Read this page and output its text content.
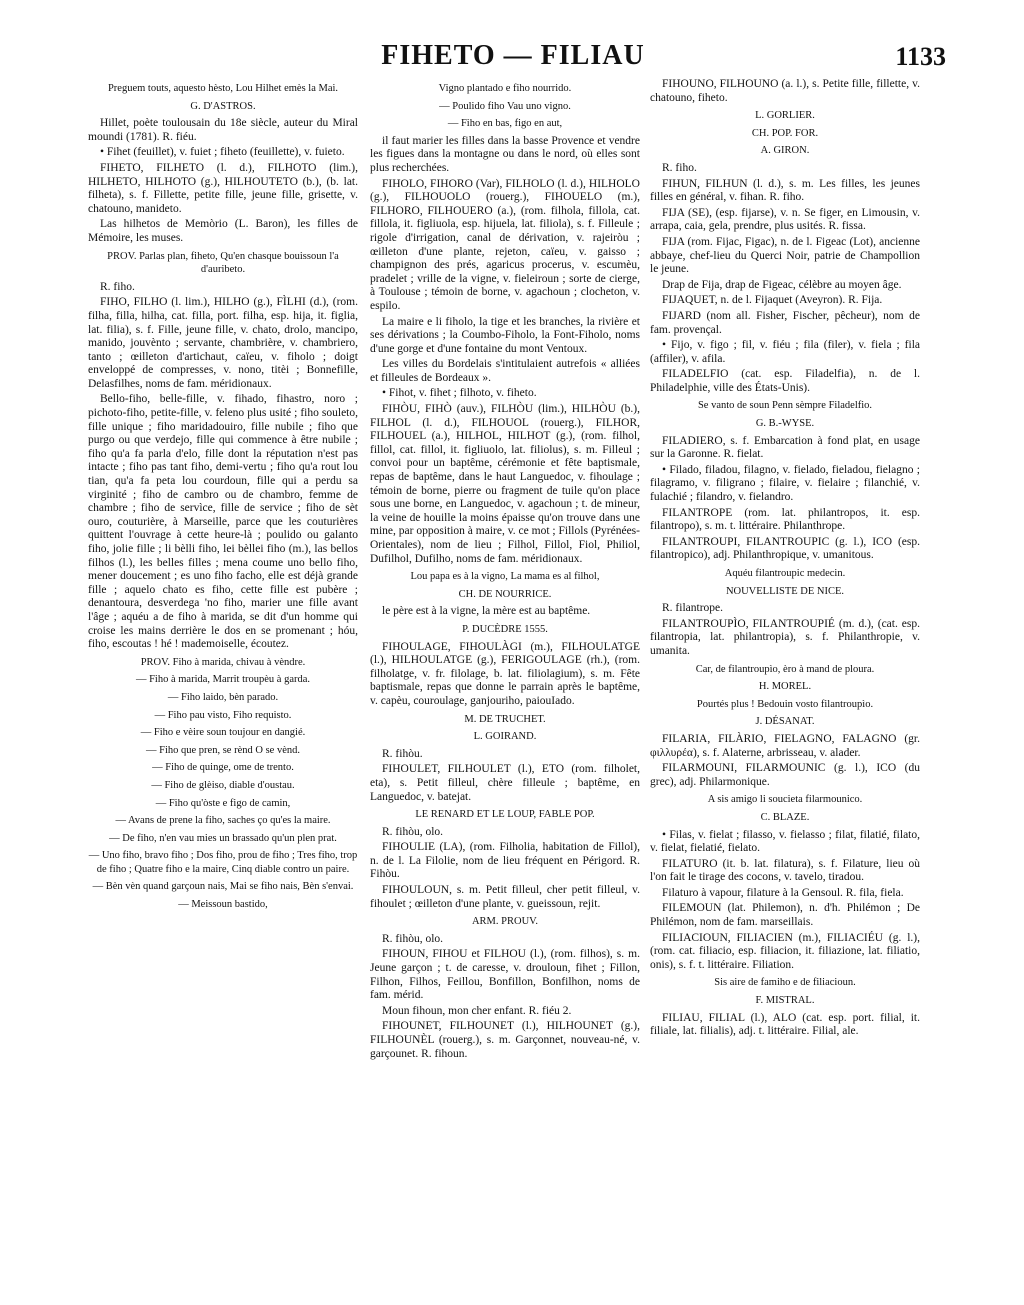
FIHETO — FILIAU	1133

Preguem touts, aquesto hèsto, Lou Hilhet emès la Mai.

G. D'ASTROS.

Hillet, poète toulousain du 18e siècle, auteur du Miral moundi (1781). R. fiéu.

• Fihet (feuillet), v. fuiet ; fiheto (feuillette), v. fuieto.

FIHETO, FILHETO (l. d.), FILHOTO (lim.), HILHETO, HILHOTO (g.), HILHOUTETO (b.), (b. lat. filheta), s. f. Fillette, petite fille, jeune fille, grisette, v. chatouno, manideto.

Las hilhetos de Memòrio (L. Baron), les filles de Mémoire, les muses.

PROV. Parlas plan, fiheto, Qu'en chasque bouissoun l'a d'auribeto.

R. fiho.

FIHO, FILHO (l. lim.), HILHO (g.), FÌLHI (d.), (rom. filha, filla, hilha, cat. filla, port. filha, esp. hija, it. figlia, lat. filia), s. f. Fille, jeune fille, v. chato, drolo, mancipo, manido, jouvènto ; servante, chambrière, v. chambriero, tanto ; œilleton d'artichaut, caïeu, v. fiholo ; doigt enveloppé de compresses, v. nono, titèi ; Bonnefille, Delasfilhes, noms de fam. méridionaux.

Bello-fiho, belle-fille, v. fihado, fihastro, noro ; pichoto-fiho, petite-fille, v. feleno plus usité ; fiho souleto, fille unique ; fiho maridadouiro, fille nubile ; fiho que purgo ou que verdejo, fille qui commence à être nubile ; fiho qu'a fa parla d'elo, fille dont la réputation n'est pas intacte ; fiho pas tant fiho, demi-vertu ; fiho qu'a rout lou tian, qu'a fa peta lou courdoun, fille qui a perdu sa virginité ; fiho de cambro ou de chambro, femme de chambre ; fiho de servìce, fille de service ; fiho de sèt ouro, couturière, à Marseille, parce que les couturières quittent l'ouvrage à cette heure-là ; poulido ou galanto fiho, jolie fille ; li bèlli fiho, lei bèllei fiho (m.), las bellos filhos (l.), les belles filles ; mena coume uno bello fiho, mener doucement ; es uno fiho facho, elle est déjà grande fille ; aquelo chato es fiho, cette fille est pubère ; denantoura, desverdega 'no fiho, marier une fille avant l'âge ; aquéu a de fiho à marida, se dit d'un homme qui croise les mains derrière le dos en se promenant ; hóu, fiho, escoutas ! hé ! mademoiselle, écoutez.

PROV. Fiho à marida, chivau à vèndre.

— Fiho à marida, Marrit troupèu à garda.

— Fiho laido, bèn parado.

— Fiho pau visto, Fiho requisto.

— Fiho e vèire soun toujour en dangié.

— Fiho que pren, se rènd O se vènd.

— Fiho de quinge, ome de trento.

— Fiho de glèiso, diable d'oustau.

— Fiho qu'òste e figo de camin,

— Avans de prene la fiho, saches ço qu'es la maire.

— De fiho, n'en vau mies un brassado qu'un plen prat.

— Uno fiho, bravo fiho ; Dos fiho, prou de fiho ; Tres fiho, trop de fiho ; Quatre fiho e la maire, Cinq diable contro un paire.

— Bèn vèn quand garçoun nais, Mai se fiho nais, Bèn s'envai.

— Meissoun bastido,

Vigno plantado e fiho nourrido.

— Poulido fiho Vau uno vigno.

— Fiho en bas, figo en aut,

il faut marier les filles dans la basse Provence et vendre les figues dans la montagne ou dans le nord, où elles sont plus recherchées.

FIHOLO, FIHORO (Var), FILHOLO (l. d.), HILHOLO (g.), FILHOUOLO (rouerg.), FIHOUELO (m.), FILHORO, FILHOUERO (a.), (rom. filhola, fillola, cat. fillola, it. figliuola, esp. hijuela, lat. filiola), s. f. Filleule ; rigole d'irrigation, canal de dérivation, v. rajeiròu ; œilleton d'une plante, rejeton, caïeu, v. gaisso ; champignon des prés, agaricus procerus, v. escumèu, pradelet ; vrille de la vigne, v. fieleiroun ; sorte de cierge, à Toulouse ; témoin de borne, v. agachoun ; clocheton, v. espilo.

La maire e li fiholo, la tige et les branches, la rivière et ses dérivations ; la Coumbo-Fiholo, la Font-Fiholo, noms d'une gorge et d'une fontaine du mont Ventoux.

Les villes du Bordelais s'intitulaient autrefois « alliées et filleules de Bordeaux ».

• Fihot, v. fihet ; filhoto, v. fiheto.

FIHÒU, FIHÒ (auv.), FILHÒU (lim.), HILHÒU (b.), FILHOL (l. d.), FILHOUOL (rouerg.), FILHOR, FILHOUEL (a.), HILHOL, HILHOT (g.), (rom. filhol, fillol, cat. fillol, it. figliuolo, lat. filiolus), s. m. Filleul ; convoi pour un baptême, cérémonie et fête baptismale, repas de baptême, dans le haut Languedoc, v. fihoulage ; témoin de borne, pierre ou fragment de tuile qu'on place sous une borne, en Languedoc, v. agachoun ; t. de mineur, la veine de houille la moins épaisse qu'on trouve dans une mine, par opposition à maire, v. ce mot ; Fillols (Pyrénées-Orientales), nom de lieu ; Filhol, Fillol, Fiol, Philiol, Dufilhol, Dufilho, noms de fam. méridionaux.

Lou papa es à la vigno, La mama es al filhol,

CH. DE NOURRICE.

le père est à la vigne, la mère est au baptême.

P. DUCÈDRE 1555.

FIHOULAGE, FIHOULÀGI (m.), FILHOULATGE (l.), HILHOULATGE (g.), FERIGOULAGE (rh.), (rom. filholatge, v. fr. filolage, b. lat. filiolagium), s. m. Fête baptismale, repas que donne le parrain après le baptême, v. capèu, couroulage, ganjouriho, paiouIado.

M. DE TRUCHET.

L. GOIRAND.

R. fihòu.

FIHOULET, FILHOULET (l.), ETO (rom. filholet, eta), s. Petit filleul, chère filleule ; baptême, en Languedoc, v. batejat.

LE RENARD ET LE LOUP, FABLE POP.

R. fihòu, olo.

FIHOULIE (LA), (rom. Filholia, habitation de Fillol), n. de l. La Filolie, nom de lieu fréquent en Périgord. R. Fihòu.

FIHOULOUN, s. m. Petit filleul, cher petit filleul, v. fihoulet ; œilleton d'une plante, v. gueissoun, rejit.

ARM. PROUV.

R. fihòu, olo.

FIHOUN, FIHOU et FILHOU (l.), (rom. filhos), s. m. Jeune garçon ; t. de caresse, v. drouloun, fihet ; Fillon, Filhon, Filhos, Feillou, Bonfillon, Bonfilhon, noms de fam. mérid.

Moun fihoun, mon cher enfant. R. fiéu 2.

FIHOUNET, FILHOUNET (l.), HILHOUNET (g.), FILHOUNÈL (rouerg.), s. m. Garçonnet, nouveau-né, v. garçounet. R. fihoun.

FIHOUNO, FILHOUNO (a. l.), s. Petite fille, fillette, v. chatouno, fiheto.

L. GORLIER.

CH. POP. FOR.

A. GIRON.

R. fiho.

FIHUN, FILHUN (l. d.), s. m. Les filles, les jeunes filles en général, v. fihan. R. fiho.

FIJA (SE), (esp. fijarse), v. n. Se figer, en Limousin, v. arrapa, caia, gela, prendre, plus usités. R. fissa.

FIJA (rom. Fijac, Figac), n. de l. Figeac (Lot), ancienne abbaye, chef-lieu du Querci Noir, patrie de Champollion le jeune.

Drap de Fija, drap de Figeac, célèbre au moyen âge.

FIJAQUET, n. de l. Fijaquet (Aveyron). R. Fija.

FIJARD (nom all. Fisher, Fischer, pêcheur), nom de fam. provençal.

• Fijo, v. figo ; fil, v. fiéu ; fila (filer), v. fiela ; fila (affiler), v. afila.

FILADELFIO (cat. esp. Filadelfia), n. de l. Philadelphie, ville des États-Unis).

Se vanto de soun Penn sèmpre Filadelfio.

G. B.-WYSE.

FILADIERO, s. f. Embarcation à fond plat, en usage sur la Garonne. R. fielat.

• Filado, filadou, filagno, v. fielado, fieladou, fielagno ; filagramo, v. filigrano ; filaire, v. fielaire ; filanchié, v. fulachié ; filandro, v. fielandro.

FILANTROPE (rom. lat. philantropos, it. esp. filantropo), s. m. t. littéraire. Philanthrope.

FILANTROUPI, FILANTROUPIC (g. l.), ICO (esp. filantropico), adj. Philanthropique, v. umanitous.

Aquéu filantroupic medecin.

NOUVELLISTE DE NICE.

R. filantrope.

FILANTROUPÌO, FILANTROUPIÉ (m. d.), (cat. esp. filantropia, lat. philantropia), s. f. Philanthropie, v. umanita.

Car, de filantroupìo, èro à mand de ploura.

H. MOREL.

Pourtés plus ! Bedouin vosto filantroupìo.

J. DÉSANAT.

FILARIA, FILÀRIO, FIELAGNO, FALAGNO (gr. φιλλυρέα), s. f. Alaterne, arbrisseau, v. alader.

FILARMOUNI, FILARMOUNIC (g. l.), ICO (du grec), adj. Philarmonique.

A sis amigo li soucieta filarmounico.

C. BLAZE.

• Filas, v. fielat ; filasso, v. fielasso ; filat, filatié, filato, v. fielat, fielatié, fielato.

FILATURO (it. b. lat. filatura), s. f. Filature, lieu où l'on fait le tirage des cocons, v. tavelo, tiradou.

Filaturo à vapour, filature à la Gensoul. R. fila, fiela.

FILEMOUN (lat. Philemon), n. d'h. Philémon ; De Philémon, nom de fam. marseillais.

FILIACIOUN, FILIACIEN (m.), FILIACIÉU (g. l.), (rom. cat. filiacio, esp. filiacion, it. filiazione, lat. filiatio, onis), s. f. t. littéraire. Filiation.

Sis aire de famiho e de filiacioun.

F. MISTRAL.

FILIAU, FILIAL (l.), ALO (cat. esp. port. filial, it. filiale, lat. filialis), adj. t. littéraire. Filial, ale.
